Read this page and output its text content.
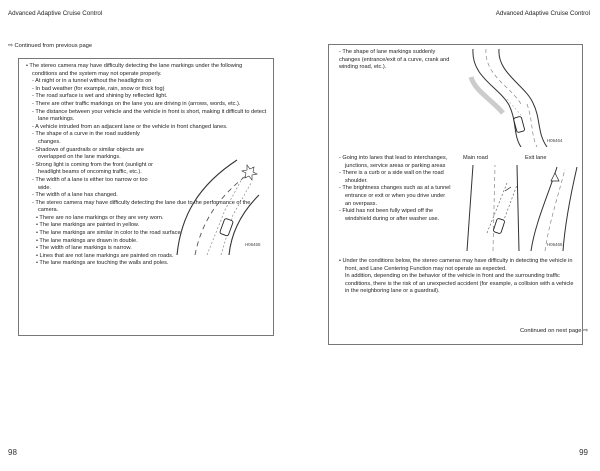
Advanced Adaptive Cruise Control	Advanced Adaptive Cruise Control
⇨ Continued from previous page

• The stereo camera may have difficulty detecting the lane markings under the following conditions and the system may not operate properly.

- At night or in a tunnel without the headlights on

- In bad weather (for example, rain, snow or thick fog)

- The road surface is wet and shining by reflected light.

- There are other traffic markings on the lane you are driving in (arrows, words, etc.).

- The distance between your vehicle and the vehicle in front is short, making it difficult to detect lane markings.

- A vehicle intruded from an adjacent lane or the vehicle in front changed lanes.

- The shape of a curve in the road suddenly changes.

- Shadows of guardrails or similar objects are overlapped on the lane markings.

- Strong light is coming from the front (sunlight or headlight beams of oncoming traffic, etc.).

- The width of a lane is either too narrow or too wide.

- The width of a lane has changed.

- The stereo camera may have difficulty detecting the lane due to the performance of the camera.

• There are no lane markings or they are very worn.

• The lane markings are painted in yellow.

• The lane markings are similar in color to the road surface.

• The lane markings are drawn in double.

• The width of lane markings is narrow.

• Lines that are not lane markings are painted on roads.

• The lane markings are touching the walls and poles.

H06465
98
- The shape of lane markings suddenly changes (entrance/exit of a curve, crank and winding road, etc.).
H06464

- Going into lanes that lead to interchanges, junctions, service areas or parking areas

- There is a curb or a side wall on the road shoulder.

- The brightness changes such as at a tunnel entrance or exit or when you drive under an overpass.

- Fluid has not been fully wiped off the windshield during or after washer use.

Main road	Exit lane
H06466

• Under the conditions below, the stereo cameras may have difficulty in detecting the vehicle in front, and Lane Centering Function may not operate as expected.

In addition, depending on the behavior of the vehicle in front and the surrounding traffic conditions, there is the risk of an unexpected accident (for example, a collision with a vehicle in the neighboring lane or a guardrail).

Continued on next page ⇨
99
